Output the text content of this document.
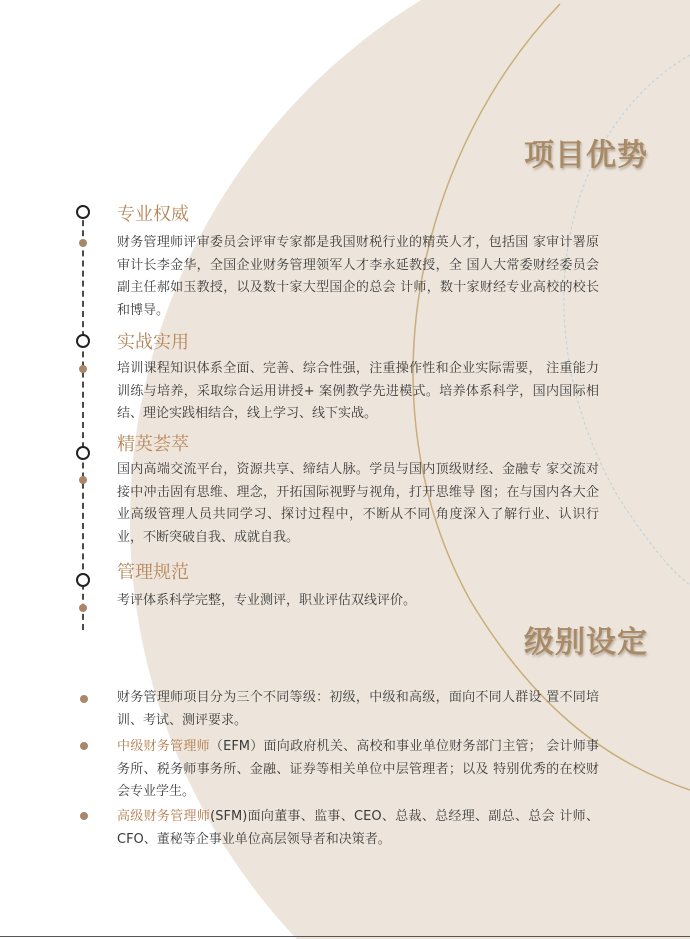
项目优势
专业权威

财务管理师评审委员会评审专家都是我国财税行业的精英人才，包括国 家审计署原审计长李金华，全国企业财务管理领军人才李永延教授，全 国人大常委财经委员会副主任郝如玉教授，以及数十家大型国企的总会 计师，数十家财经专业高校的校长和博导。

实战实用

培训课程知识体系全面、完善、综合性强，注重操作性和企业实际需要， 注重能力训练与培养，采取综合运用讲授+ 案例教学先进模式。培养体系科学，国内国际相结、理论实践相结合，线上学习、线下实战。

精英荟萃

国内高端交流平台，资源共享、缔结人脉。学员与国内顶级财经、金融专 家交流对接中冲击固有思维、理念，开拓国际视野与视角，打开思维导 图；在与国内各大企业高级管理人员共同学习、探讨过程中，不断从不同 角度深入了解行业、认识行业，不断突破自我、成就自我。

管理规范

考评体系科学完整，专业测评，职业评估双线评价。

级别设定

财务管理师项目分为三个不同等级：初级，中级和高级，面向不同人群设 置不同培训、考试、测评要求。

中级财务管理师（EFM）面向政府机关、高校和事业单位财务部门主管； 会计师事务所、税务师事务所、金融、证券等相关单位中层管理者；以及 特别优秀的在校财会专业学生。

高级财务管理师(SFM)面向董事、监事、CEO、总裁、总经理、副总、总会 计师、CFO、董秘等企事业单位高层领导者和决策者。
